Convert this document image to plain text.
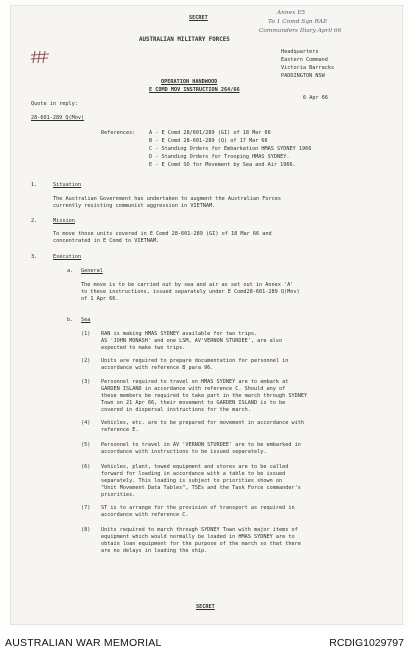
SECRET
Annex E5
To 1 Comd Sqn RAE
Commanders Diary April 66
AUSTRALIAN MILITARY FORCES
Headquarters
Eastern Command
Victoria Barracks
PADDINGTON NSW
OPERATION HANDWOOD
E COMD MOV INSTRUCTION 264/66
6 Apr 66
Quote in reply:
28-601-289 Q(Mov)
References:	A - E Comd 28/601/289 (GI) of 18 Mar 66
B - E Comd 28-601-289 (Q) of 17 Mar 66
C - Standing Orders for Embarkation HMAS SYDNEY 1966
D - Standing Orders for Trooping HMAS SYDNEY.
E - E Comd SO for Movement by Sea and Air 1966.
1.	Situation
The Australian Government has undertaken to augment the Australian Forces
currently resisting communist aggression in VIETNAM.
2.	Mission
To move those units covered in E Comd 28-601-289 (GI) of 18 Mar 66 and
concentrated in E Comd to VIETNAM.
3.	Execution
a. General
The move is to be carried out by sea and air as set out in Annex 'A'
to these instructions, issued separately under E Comd28-601-289 Q(Mov)
of 1 Apr 66.
b. Sea
(1) RAN is making HMAS SYDNEY available for two trips.
AS 'JOHN MONASH' and one LSM, AV'VERNON STURDEE', are also
expected to make two trips.
(2) Units are required to prepare documentation for personnel in
accordance with reference B para 96.
(3) Personnel required to travel on HMAS SYDNEY are to embark at
GARDEN ISLAND in accordance with reference C. Should any of
these members be required to take part in the march through SYDNEY
Town on 21 Apr 66, their movement to GARDEN ISLAND is to be
covered in dispersal instructions for the march.
(4) Vehicles, etc. are to be prepared for movement in accordance with
reference E.
(5) Personnel to travel in AV 'VERNON STURDEE' are to be embarked in
accordance with instructions to be issued separately.
(6) Vehicles, plant, towed equipment and stores are to be called
forward for loading in accordance with a table to be issued
separately. This loading is subject to priorities shown on
"Unit Movement Data Tables", TSEs and the Task Force commander's
priorities.
(7) ST is to arrange for the provision of transport as required in
accordance with reference C.
(8) Units required to march through SYDNEY Town with major items of
equipment which would normally be loaded in HMAS SYDNEY are to
obtain loan equipment for the purpose of the march so that there
are no delays in loading the ship.
SECRET
AUSTRALIAN WAR MEMORIAL	RCDIG1029797
